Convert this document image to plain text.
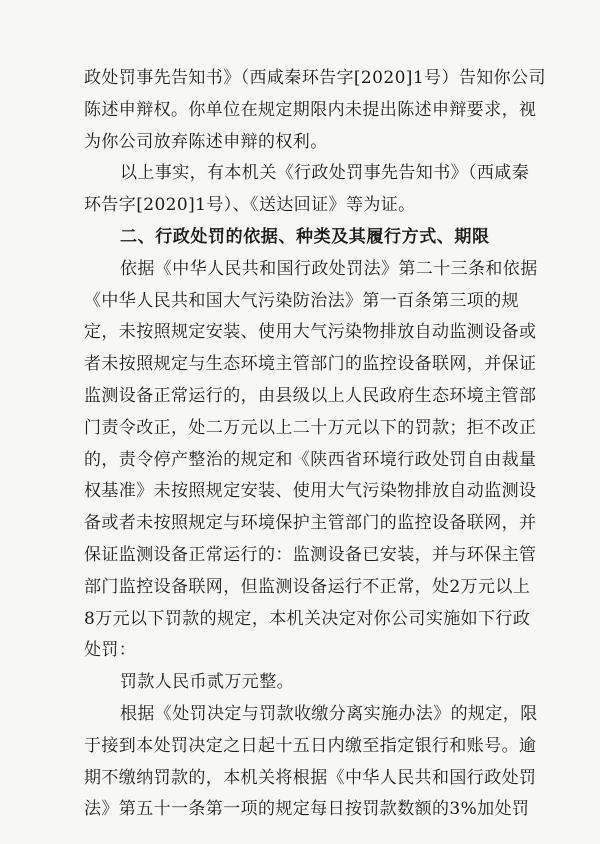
政处罚事先告知书》（西咸秦环告字[2020]1号）告知你公司
陈述申辩权。你单位在规定期限内未提出陈述申辩要求，视
为你公司放弃陈述申辩的权利。
以上事实，有本机关《行政处罚事先告知书》（西咸秦
环告字[2020]1号）、《送达回证》等为证。
二、行政处罚的依据、种类及其履行方式、期限
依据《中华人民共和国行政处罚法》第二十三条和依据
《中华人民共和国大气污染防治法》第一百条第三项的规
定，未按照规定安装、使用大气污染物排放自动监测设备或
者未按照规定与生态环境主管部门的监控设备联网，并保证
监测设备正常运行的，由县级以上人民政府生态环境主管部
门责令改正，处二万元以上二十万元以下的罚款；拒不改正
的，责令停产整治的规定和《陕西省环境行政处罚自由裁量
权基准》未按照规定安装、使用大气污染物排放自动监测设
备或者未按照规定与环境保护主管部门的监控设备联网，并
保证监测设备正常运行的：监测设备已安装，并与环保主管
部门监控设备联网，但监测设备运行不正常，处2万元以上
8万元以下罚款的规定，本机关决定对你公司实施如下行政
处罚：
罚款人民币贰万元整。
根据《处罚决定与罚款收缴分离实施办法》的规定，限
于接到本处罚决定之日起十五日内缴至指定银行和账号。逾
期不缴纳罚款的，本机关将根据《中华人民共和国行政处罚
法》第五十一条第一项的规定每日按罚款数额的3%加处罚
